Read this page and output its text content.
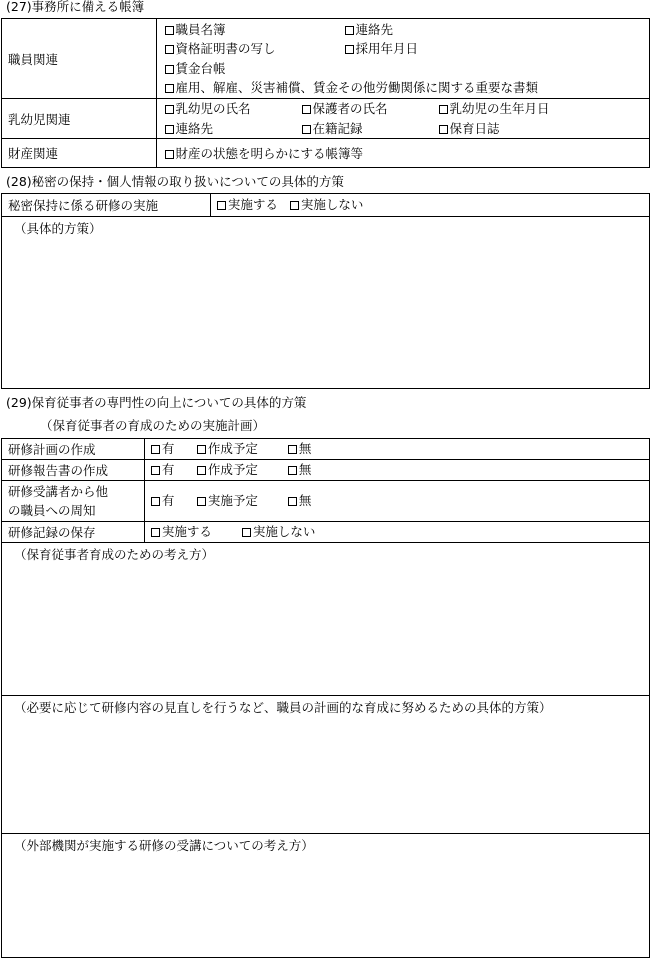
(27)事務所に備える帳簿
職員関連	職員名簿 連絡先
資格証明書の写し 採用年月日
賃金台帳
雇用、解雇、災害補償、賃金その他労働関係に関する重要な書類

乳幼児関連	乳幼児の氏名 保護者の氏名 乳幼児の生年月日
連絡先 在籍記録 保育日誌

財産関連	財産の状態を明らかにする帳簿等
(28)秘密の保持・個人情報の取り扱いについての具体的方策
秘密保持に係る研修の実施	実施する 実施しない
（具体的方策）
(29)保育従事者の専門性の向上についての具体的方策
（保育従事者の育成のための実施計画）
研修計画の作成	有 作成予定 無
研修報告書の作成	有 作成予定 無
研修受講者から他
の職員への周知	有 実施予定 無
研修記録の保存	実施する 実施しない
（保育従事者育成のための考え方）
（必要に応じて研修内容の見直しを行うなど、職員の計画的な育成に努めるための具体的方策）
（外部機関が実施する研修の受講についての考え方）
